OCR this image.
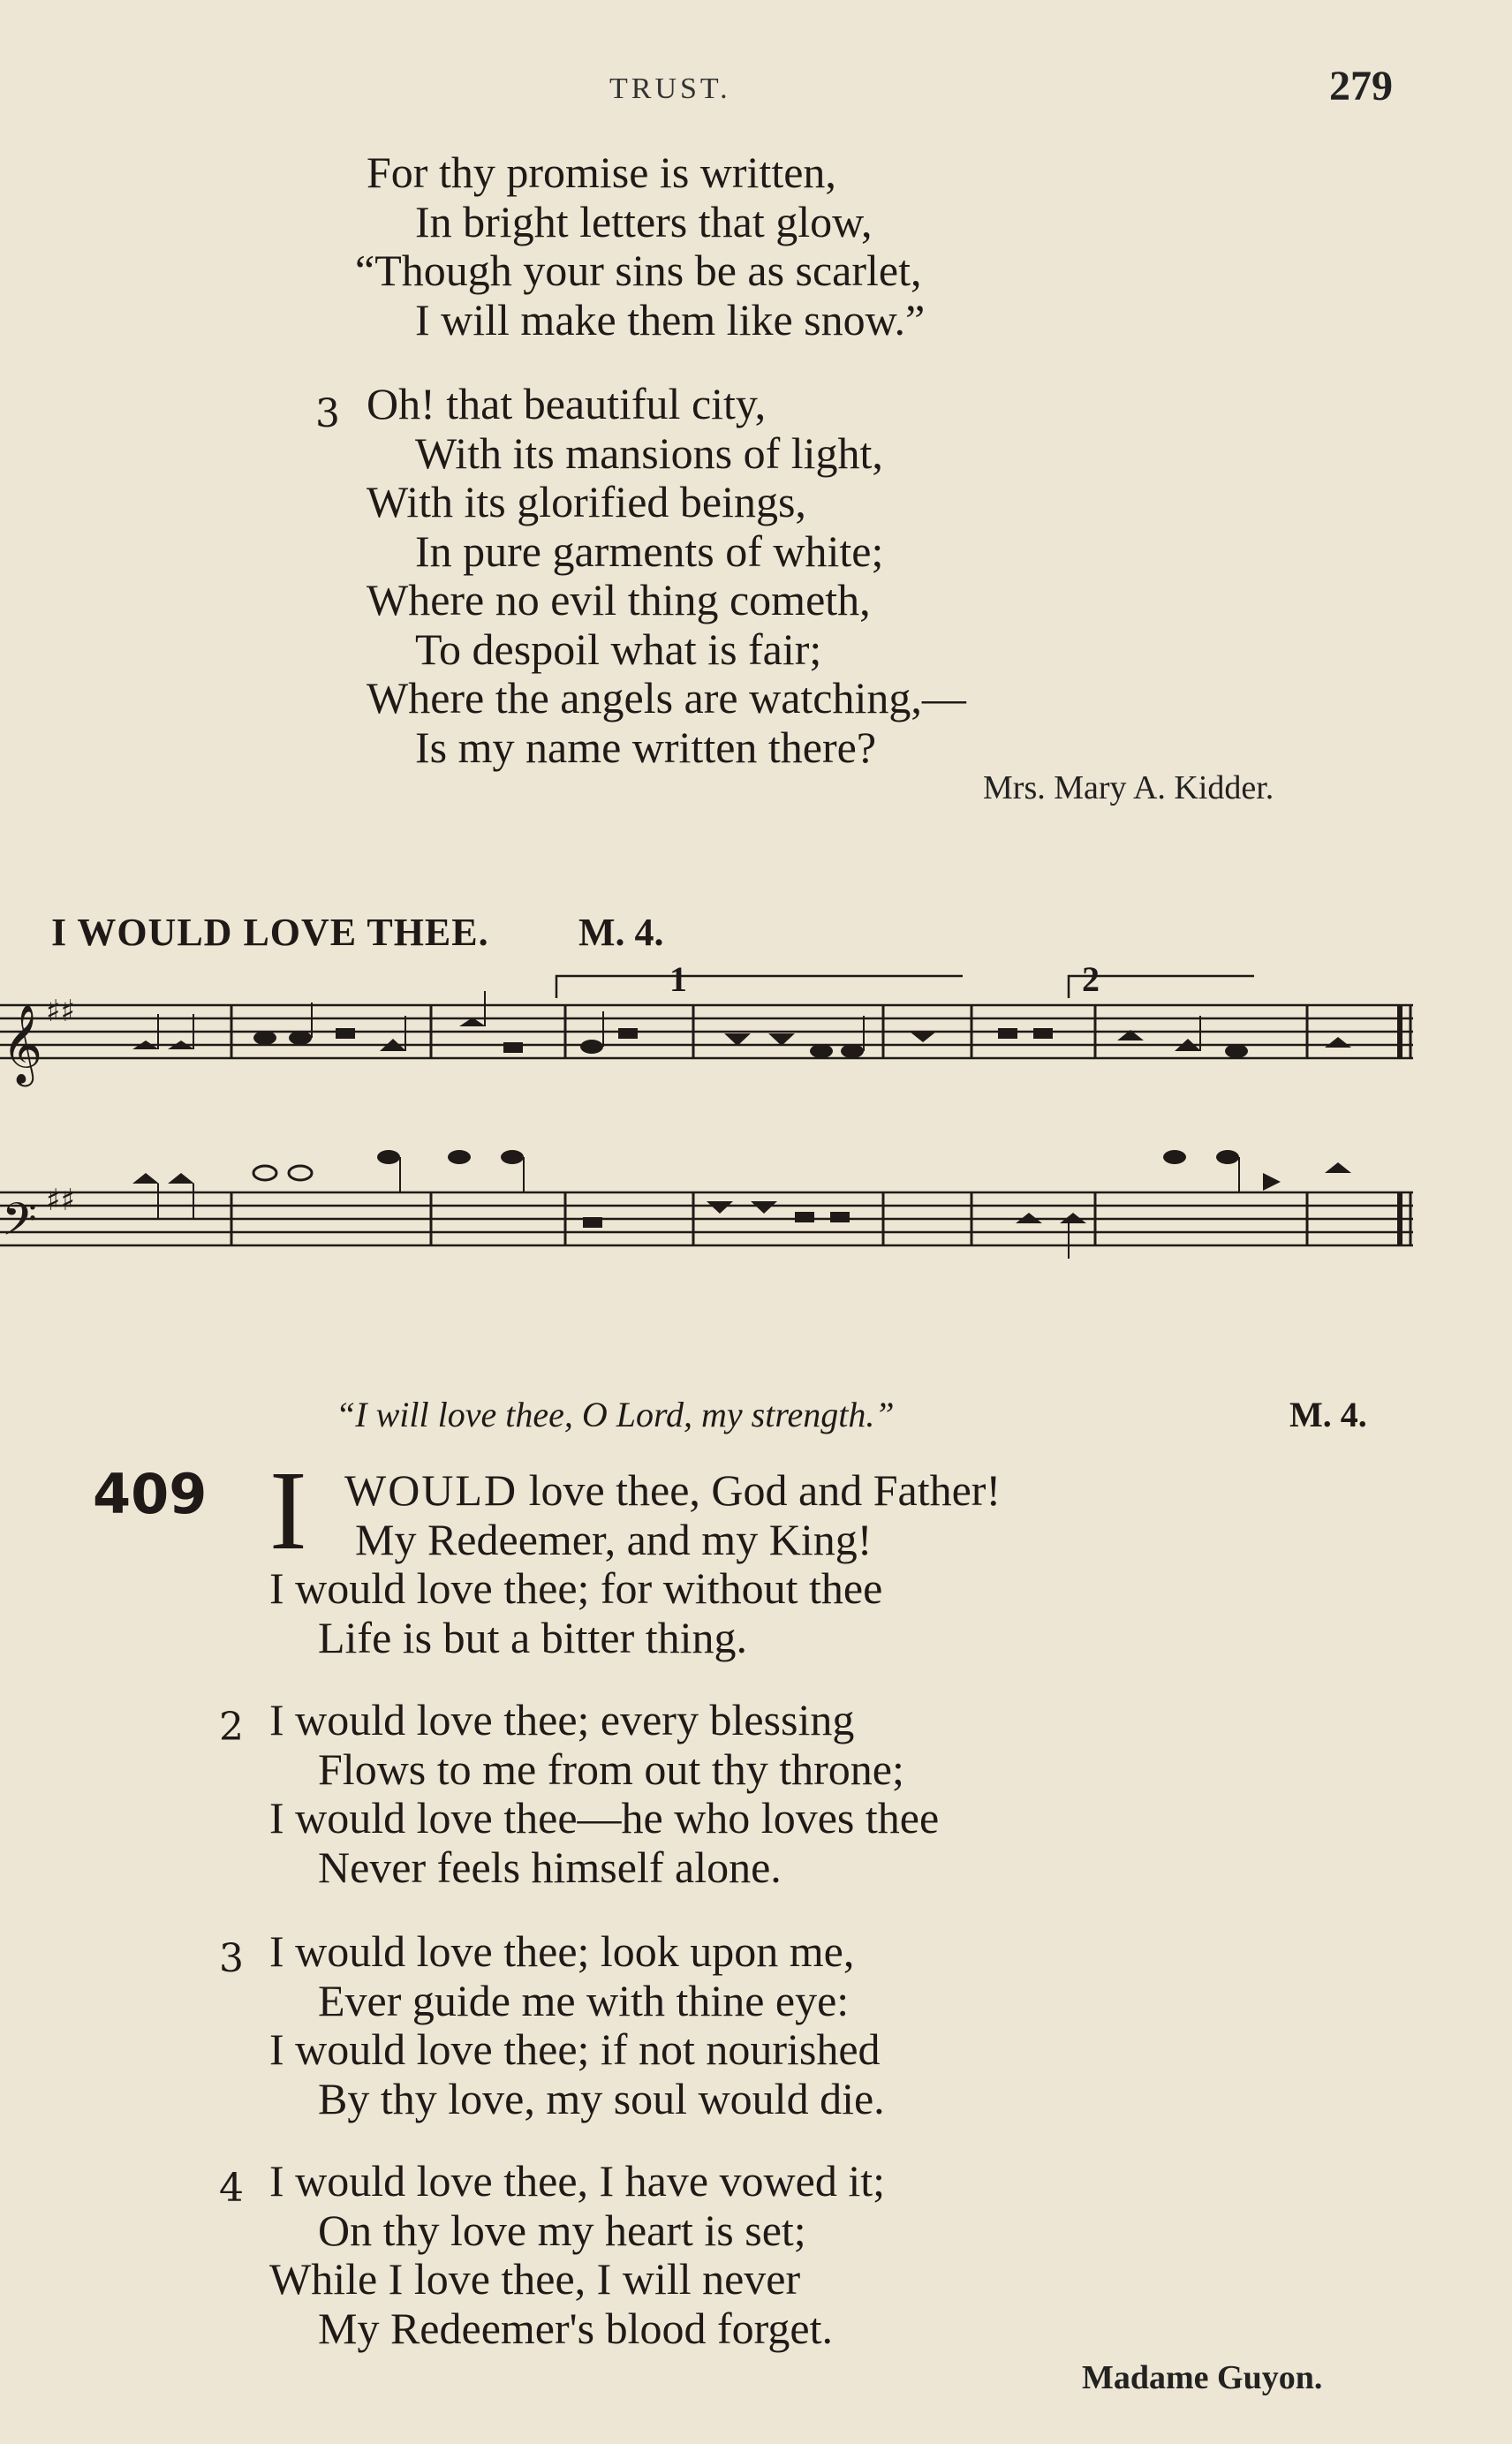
TRUST.	279
For thy promise is written,
In bright letters that glow,
“Though your sins be as scarlet,
I will make them like snow.”
3 Oh! that beautiful city,
With its mansions of light,
With its glorified beings,
In pure garments of white;
Where no evil thing cometh,
To despoil what is fair;
Where the angels are watching,—
Is my name written there?
Mrs. Mary A. Kidder.
I WOULD LOVE THEE. M. 4.
𝄞
𝄢
♯♯
♯♯
1	2
“I will love thee, O Lord, my strength.”	M. 4.
409 I WOULD love thee, God and Father!
My Redeemer, and my King!
I would love thee; for without thee
Life is but a bitter thing.
2 I would love thee; every blessing
Flows to me from out thy throne;
I would love thee—he who loves thee
Never feels himself alone.
3 I would love thee; look upon me,
Ever guide me with thine eye:
I would love thee; if not nourished
By thy love, my soul would die.
4 I would love thee, I have vowed it;
On thy love my heart is set;
While I love thee, I will never
My Redeemer's blood forget.
Madame Guyon.
